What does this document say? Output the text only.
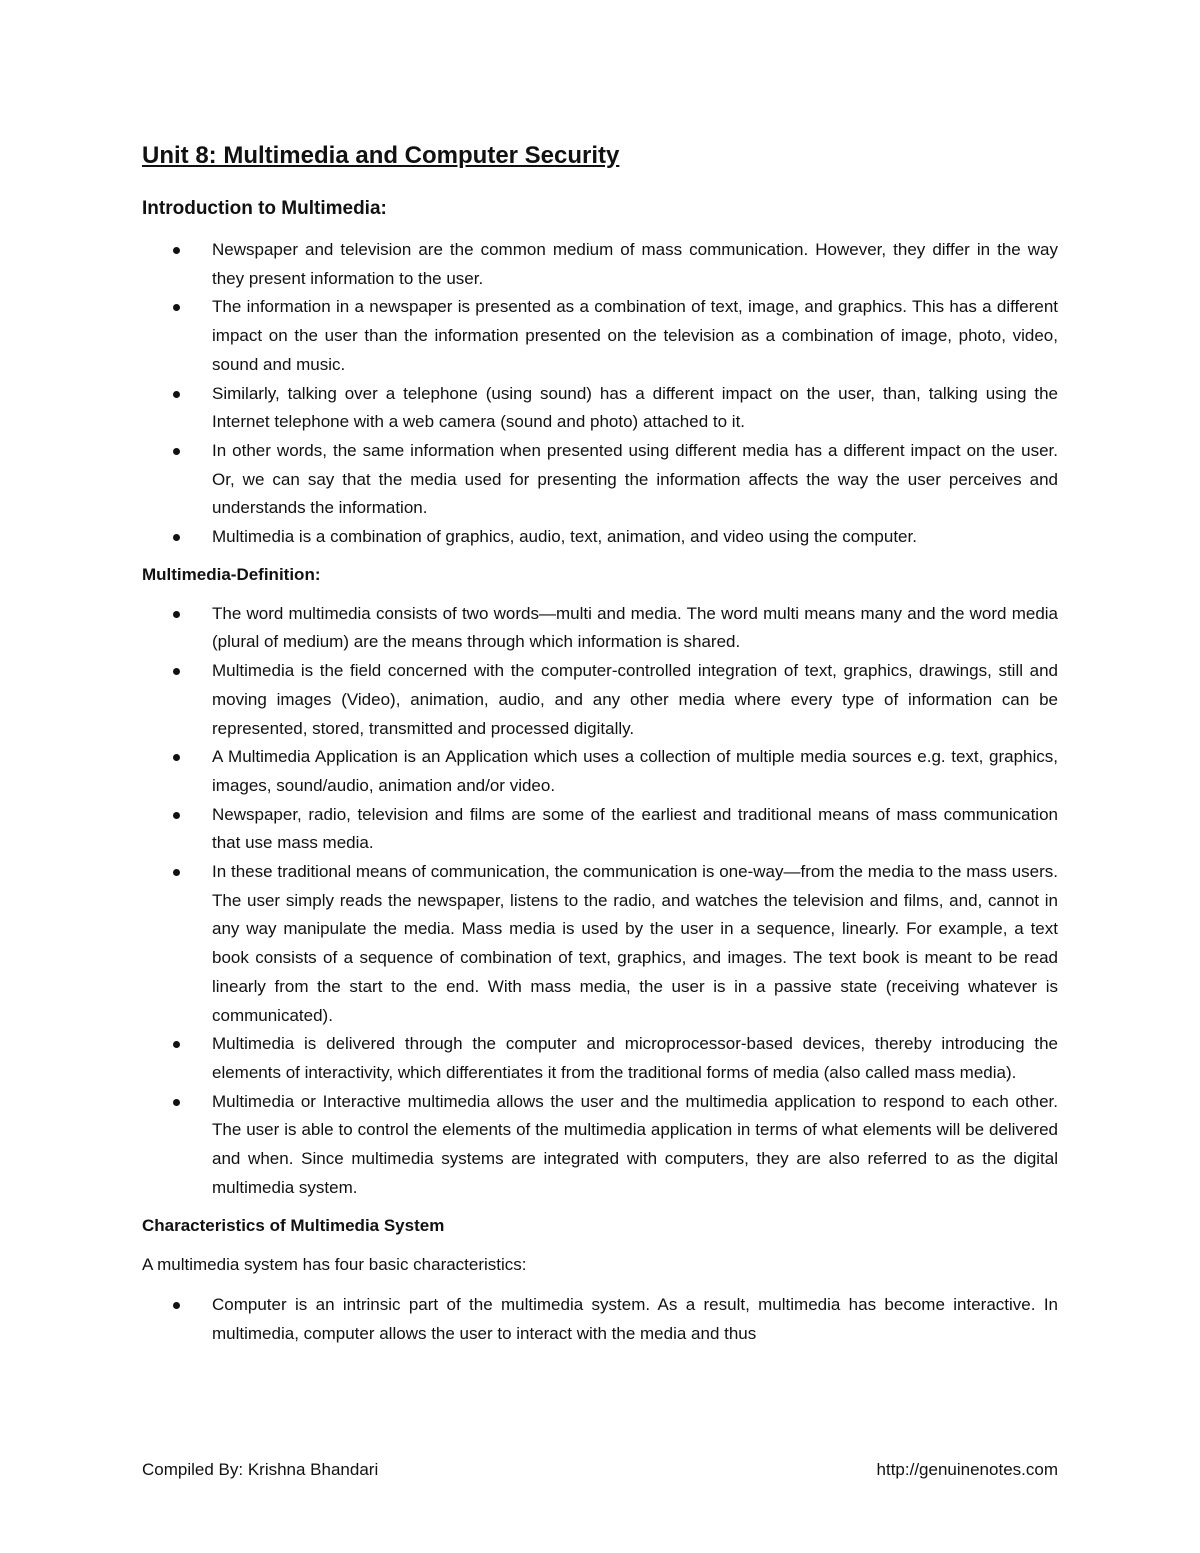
Unit 8: Multimedia and Computer Security
Introduction to Multimedia:
Newspaper and television are the common medium of mass communication. However, they differ in the way they present information to the user.
The information in a newspaper is presented as a combination of text, image, and graphics. This has a different impact on the user than the information presented on the television as a combination of image, photo, video, sound and music.
Similarly, talking over a telephone (using sound) has a different impact on the user, than, talking using the Internet telephone with a web camera (sound and photo) attached to it.
In other words, the same information when presented using different media has a different impact on the user. Or, we can say that the media used for presenting the information affects the way the user perceives and understands the information.
Multimedia is a combination of graphics, audio, text, animation, and video using the computer.
Multimedia-Definition:
The word multimedia consists of two words—multi and media. The word multi means many and the word media (plural of medium) are the means through which information is shared.
Multimedia is the field concerned with the computer-controlled integration of text, graphics, drawings, still and moving images (Video), animation, audio, and any other media where every type of information can be represented, stored, transmitted and processed digitally.
A Multimedia Application is an Application which uses a collection of multiple media sources e.g. text, graphics, images, sound/audio, animation and/or video.
Newspaper, radio, television and films are some of the earliest and traditional means of mass communication that use mass media.
In these traditional means of communication, the communication is one-way—from the media to the mass users. The user simply reads the newspaper, listens to the radio, and watches the television and films, and, cannot in any way manipulate the media. Mass media is used by the user in a sequence, linearly. For example, a text book consists of a sequence of combination of text, graphics, and images. The text book is meant to be read linearly from the start to the end. With mass media, the user is in a passive state (receiving whatever is communicated).
Multimedia is delivered through the computer and microprocessor-based devices, thereby introducing the elements of interactivity, which differentiates it from the traditional forms of media (also called mass media).
Multimedia or Interactive multimedia allows the user and the multimedia application to respond to each other. The user is able to control the elements of the multimedia application in terms of what elements will be delivered and when. Since multimedia systems are integrated with computers, they are also referred to as the digital multimedia system.
Characteristics of Multimedia System

A multimedia system has four basic characteristics:

Computer is an intrinsic part of the multimedia system. As a result, multimedia has become interactive. In multimedia, computer allows the user to interact with the media and thus
Compiled By: Krishna Bhandari	http://genuinenotes.com
